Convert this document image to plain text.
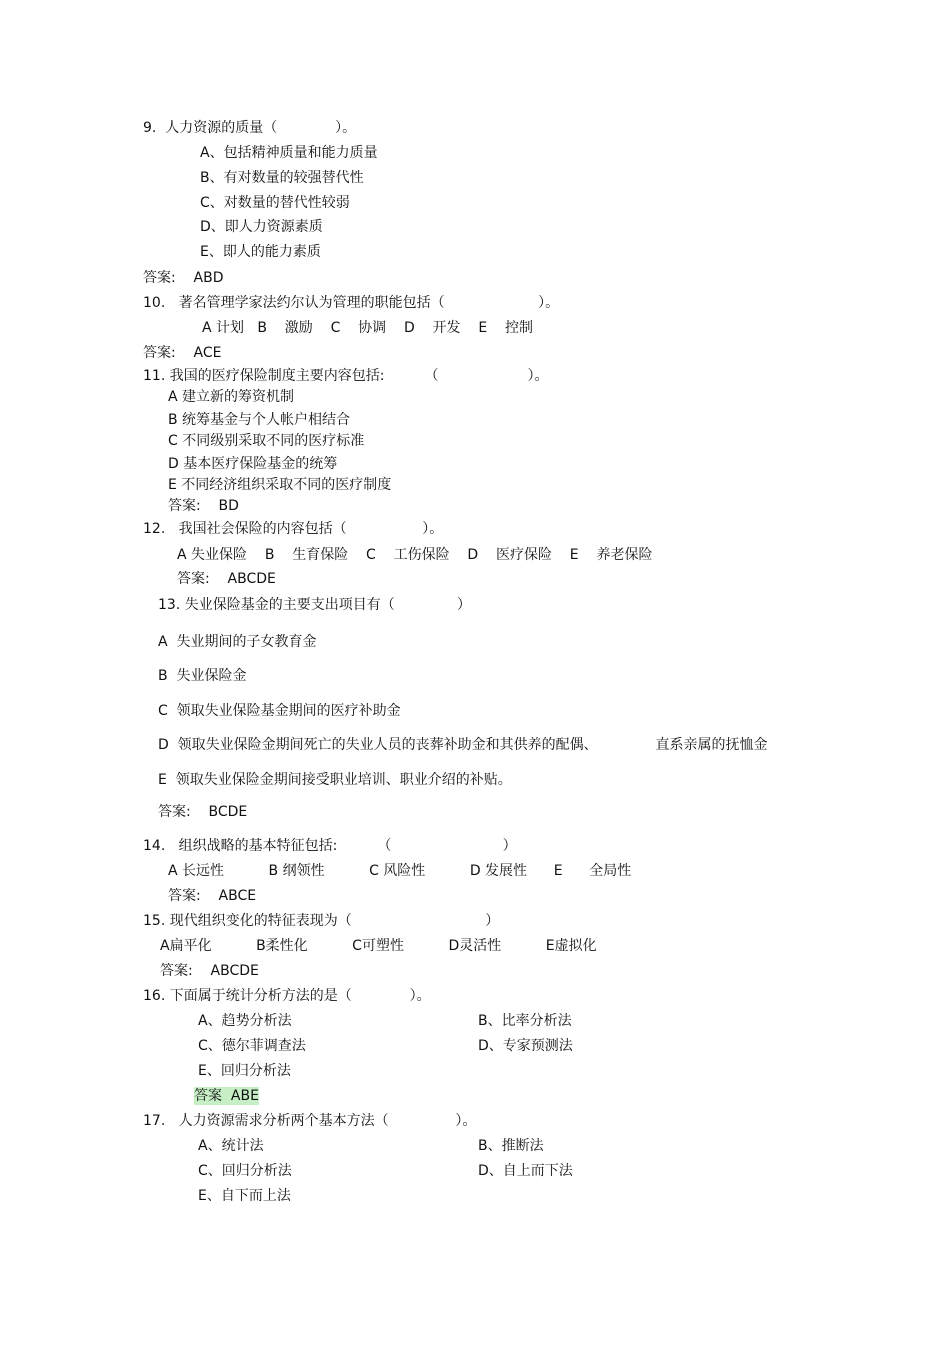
9.  人力资源的质量（             ）。
A、包括精神质量和能力质量
B、有对数量的较强替代性
C、对数量的替代性较弱
D、即人力资源素质
E、即人的能力素质
答案:    ABD
10.   著名管理学家法约尔认为管理的职能包括（                     ）。
A 计划   B    激励    C    协调    D    开发    E    控制
答案:    ACE
11. 我国的医疗保险制度主要内容包括:         （                    ）。
A 建立新的筹资机制
B 统筹基金与个人帐户相结合
C 不同级别采取不同的医疗标准
D 基本医疗保险基金的统筹
E 不同经济组织采取不同的医疗制度
答案:    BD
12.   我国社会保险的内容包括（                 ）。
A 失业保险    B    生育保险    C    工伤保险    D    医疗保险    E    养老保险
答案:    ABCDE
13. 失业保险基金的主要支出项目有（              ）
A  失业期间的子女教育金
B  失业保险金
C  领取失业保险基金期间的医疗补助金
D  领取失业保险金期间死亡的失业人员的丧葬补助金和其供养的配偶、             直系亲属的抚恤金
E  领取失业保险金期间接受职业培训、职业介绍的补贴。
答案:    BCDE
14.   组织战略的基本特征包括:         （                         ）
A 长远性          B 纲领性          C 风险性          D 发展性      E      全局性
答案:    ABCE
15. 现代组织变化的特征表现为（                              ）
A扁平化          B柔性化          C可塑性          D灵活性          E虚拟化
答案:    ABCDE
16. 下面属于统计分析方法的是（             ）。
A、趋势分析法	B、比率分析法
C、德尔菲调查法	D、专家预测法
E、回归分析法
答案  ABE
17.   人力资源需求分析两个基本方法（               ）。
A、统计法	B、推断法
C、回归分析法	D、自上而下法
E、自下而上法
